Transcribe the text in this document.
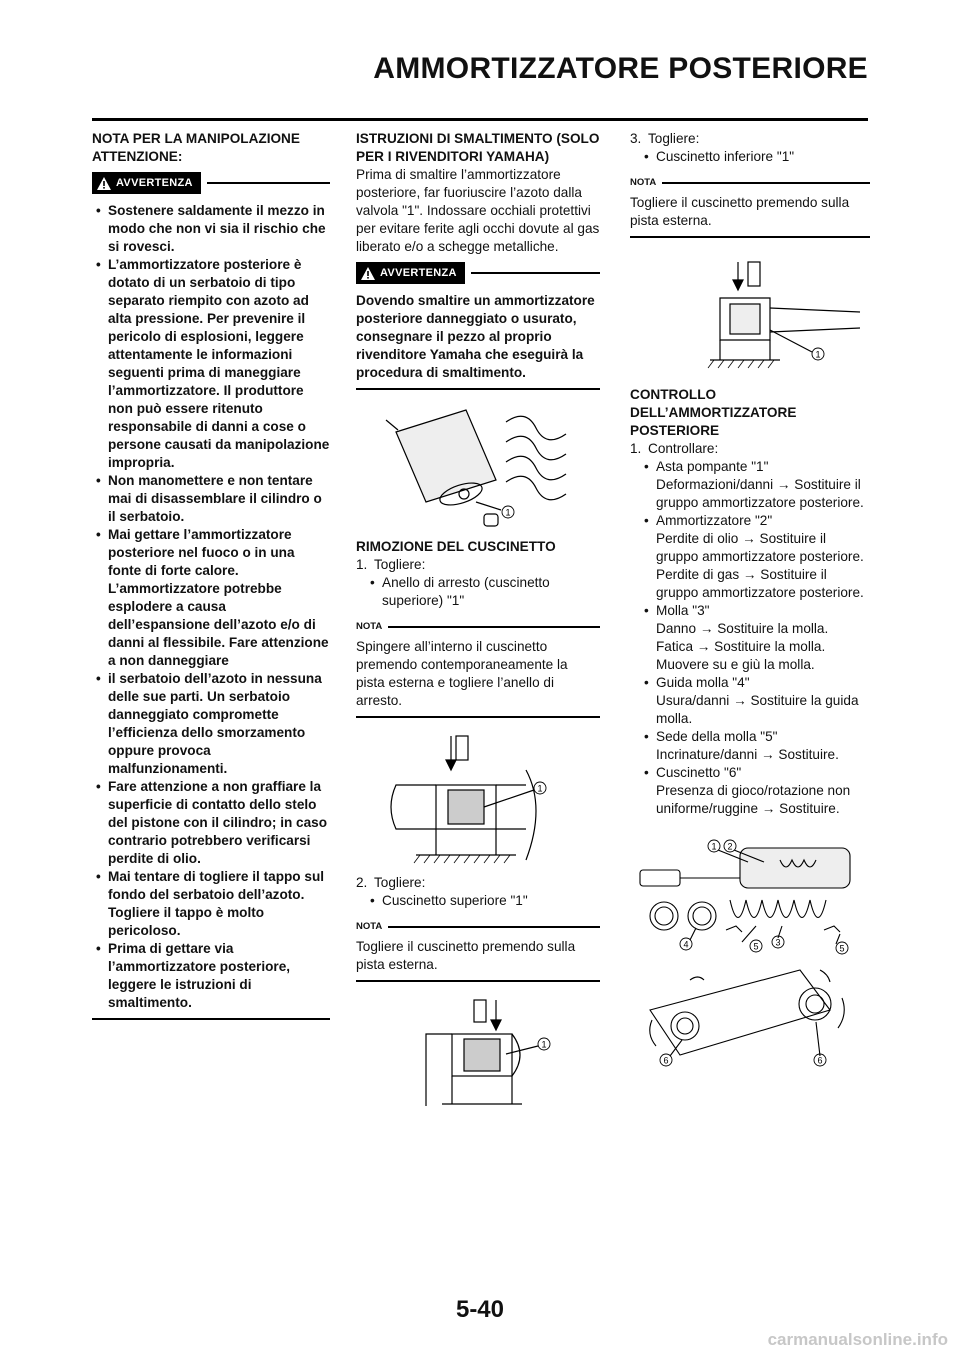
AMMORTIZZATORE POSTERIORE
NOTA PER LA MANIPOLAZIONE
ATTENZIONE:
AVVERTENZA
• Sostenere saldamente il mezzo in modo che non vi sia il rischio che si rovesci.
• L’ammortizzatore posteriore è dotato di un serbatoio di tipo separato riempito con azoto ad alta pressione. Per prevenire il pericolo di esplosioni, leggere attentamente le informazioni seguenti prima di maneggiare l’ammortizzatore. Il produttore non può essere ritenuto responsabile di danni a cose o persone causati da manipolazione impropria.
• Non manomettere e non tentare mai di disassemblare il cilindro o il serbatoio.
• Mai gettare l’ammortizzatore posteriore nel fuoco o in una fonte di forte calore. L’ammortizzatore potrebbe esplodere a causa dell’espansione dell’azoto e/o di danni al flessibile. Fare attenzione a non danneggiare
• il serbatoio dell’azoto in nessuna delle sue parti. Un serbatoio danneggiato compromette l’efficienza dello smorzamento oppure provoca malfunzionamenti.
• Fare attenzione a non graffiare la superficie di contatto dello stelo del pistone con il cilindro; in caso contrario potrebbero verificarsi perdite di olio.
• Mai tentare di togliere il tappo sul fondo del serbatoio dell’azoto. Togliere il tappo è molto pericoloso.
• Prima di gettare via l’ammortizzatore posteriore, leggere le istruzioni di smaltimento.
ISTRUZIONI DI SMALTIMENTO (SOLO PER I RIVENDITORI YAMAHA)
Prima di smaltire l’ammortizzatore posteriore, far fuoriuscire l’azoto dalla valvola "1". Indossare occhiali protettivi per evitare ferite agli occhi dovute al gas liberato e/o a schegge metalliche.
AVVERTENZA
Dovendo smaltire un ammortizzatore posteriore danneggiato o usurato, consegnare il pezzo al proprio rivenditore Yamaha che eseguirà la procedura di smaltimento.
1
RIMOZIONE DEL CUSCINETTO
1. Togliere:
• Anello di arresto (cuscinetto superiore) "1"
NOTA
Spingere all’interno il cuscinetto premendo contemporaneamente la pista esterna e togliere l’anello di arresto.
1
2. Togliere:
• Cuscinetto superiore "1"
NOTA
Togliere il cuscinetto premendo sulla pista esterna.
1
3. Togliere:
• Cuscinetto inferiore "1"
NOTA
Togliere il cuscinetto premendo sulla pista esterna.
1
CONTROLLO DELL’AMMORTIZZATORE POSTERIORE
1. Controllare:
• Asta pompante "1"
Deformazioni/danni → Sostituire il gruppo ammortizzatore posteriore.
• Ammortizzatore "2"
Perdite di olio → Sostituire il gruppo ammortizzatore posteriore.
Perdite di gas → Sostituire il gruppo ammortizzatore posteriore.
• Molla "3"
Danno → Sostituire la molla.
Fatica → Sostituire la molla.
Muovere su e giù la molla.
• Guida molla "4"
Usura/danni → Sostituire la guida molla.
• Sede della molla "5"
Incrinature/danni → Sostituire.
• Cuscinetto "6"
Presenza di gioco/rotazione non uniforme/ruggine → Sostituire.
1 2
3
4	5	5
6	6
5-40
carmanualsonline.info
